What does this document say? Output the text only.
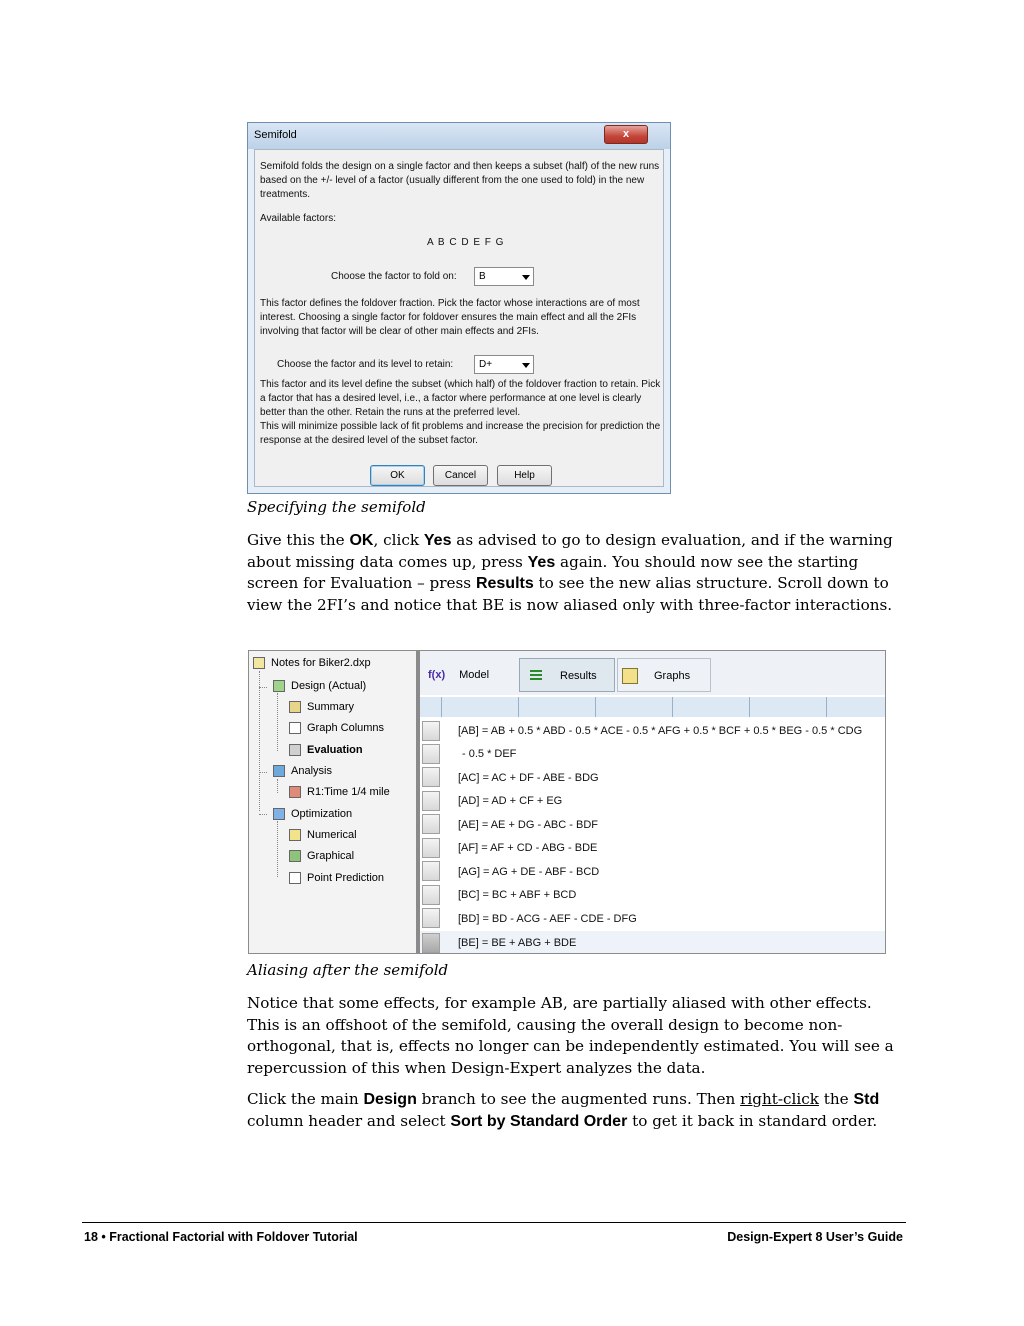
Semifold	x
Semifold folds the design on a single factor and then keeps a subset (half) of the new runs based on the +/- level of a factor (usually different from the one used to fold) in the new treatments.
Available factors:
A B C D E F G
Choose the factor to fold on:	B
This factor defines the foldover fraction. Pick the factor whose interactions are of most interest. Choosing a single factor for foldover ensures the main effect and all the 2FIs involving that factor will be clear of other main effects and 2FIs.
Choose the factor and its level to retain:	D+
This factor and its level define the subset (which half) of the foldover fraction to retain. Pick a factor that has a desired level, i.e., a factor where performance at one level is clearly better than the other. Retain the runs at the preferred level.
This will minimize possible lack of fit problems and increase the precision for prediction the response at the desired level of the subset factor.
OK	Cancel	Help
Specifying the semifold
Give this the OK, click Yes as advised to go to design evaluation, and if the warning about missing data comes up, press Yes again. You should now see the starting screen for Evaluation – press Results to see the new alias structure. Scroll down to view the 2FI’s and notice that BE is now aliased only with three-factor interactions.
Notes for Biker2.dxp
Design (Actual)
Summary
Graph Columns
Evaluation
Analysis
R1:Time 1/4 mile
Optimization
Numerical
Graphical
Point Prediction
f(x) Model	Results	Graphs
[AB] = AB + 0.5 * ABD - 0.5 * ACE - 0.5 * AFG + 0.5 * BCF + 0.5 * BEG - 0.5 * CDG
- 0.5 * DEF
[AC] = AC + DF - ABE - BDG
[AD] = AD + CF + EG
[AE] = AE + DG - ABC - BDF
[AF] = AF + CD - ABG - BDE
[AG] = AG + DE - ABF - BCD
[BC] = BC + ABF + BCD
[BD] = BD - ACG - AEF - CDE - DFG
[BE] = BE + ABG + BDE
Aliasing after the semifold
Notice that some effects, for example AB, are partially aliased with other effects. This is an offshoot of the semifold, causing the overall design to become non-orthogonal, that is, effects no longer can be independently estimated. You will see a repercussion of this when Design-Expert analyzes the data.
Click the main Design branch to see the augmented runs. Then right-click the Std column header and select Sort by Standard Order to get it back in standard order.
18 • Fractional Factorial with Foldover Tutorial	Design-Expert 8 User’s Guide
